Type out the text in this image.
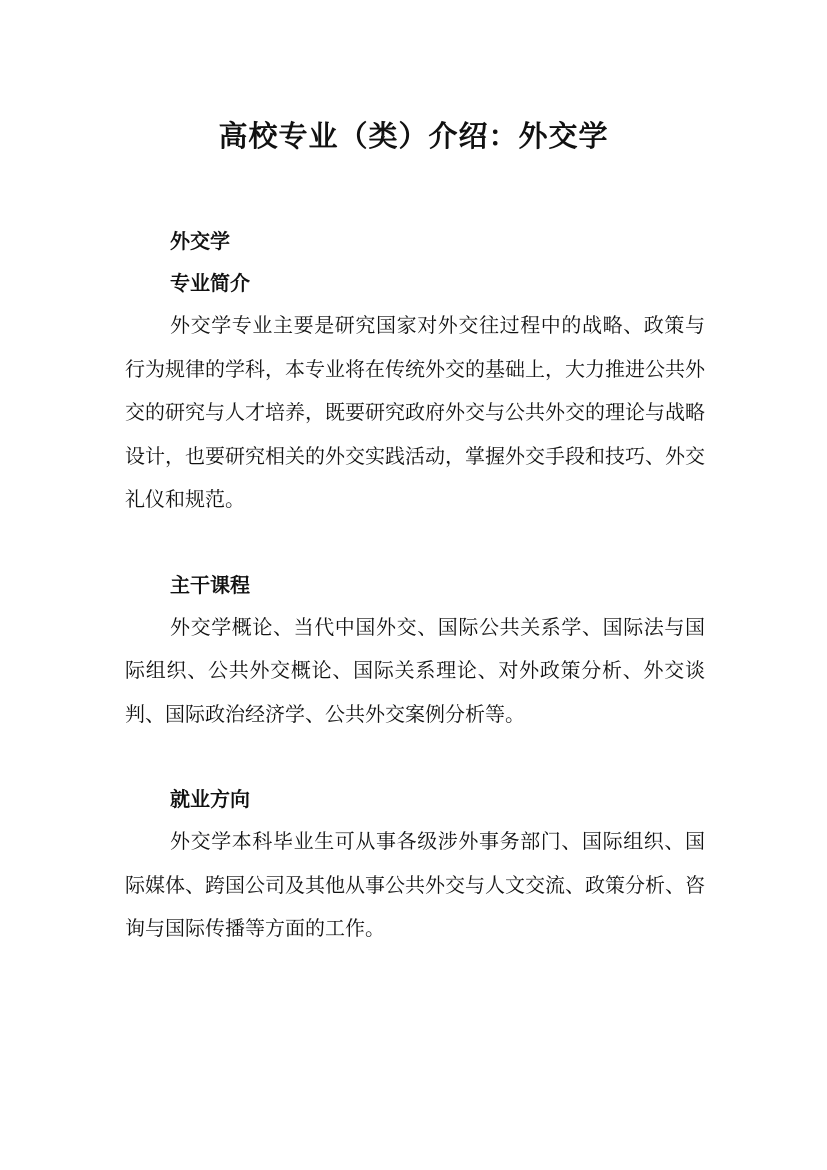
高校专业（类）介绍：外交学
外交学
专业简介

外交学专业主要是研究国家对外交往过程中的战略、政策与行为规律的学科，本专业将在传统外交的基础上，大力推进公共外交的研究与人才培养，既要研究政府外交与公共外交的理论与战略设计，也要研究相关的外交实践活动，掌握外交手段和技巧、外交礼仪和规范。

主干课程

外交学概论、当代中国外交、国际公共关系学、国际法与国际组织、公共外交概论、国际关系理论、对外政策分析、外交谈判、国际政治经济学、公共外交案例分析等。

就业方向

外交学本科毕业生可从事各级涉外事务部门、国际组织、国际媒体、跨国公司及其他从事公共外交与人文交流、政策分析、咨询与国际传播等方面的工作。
